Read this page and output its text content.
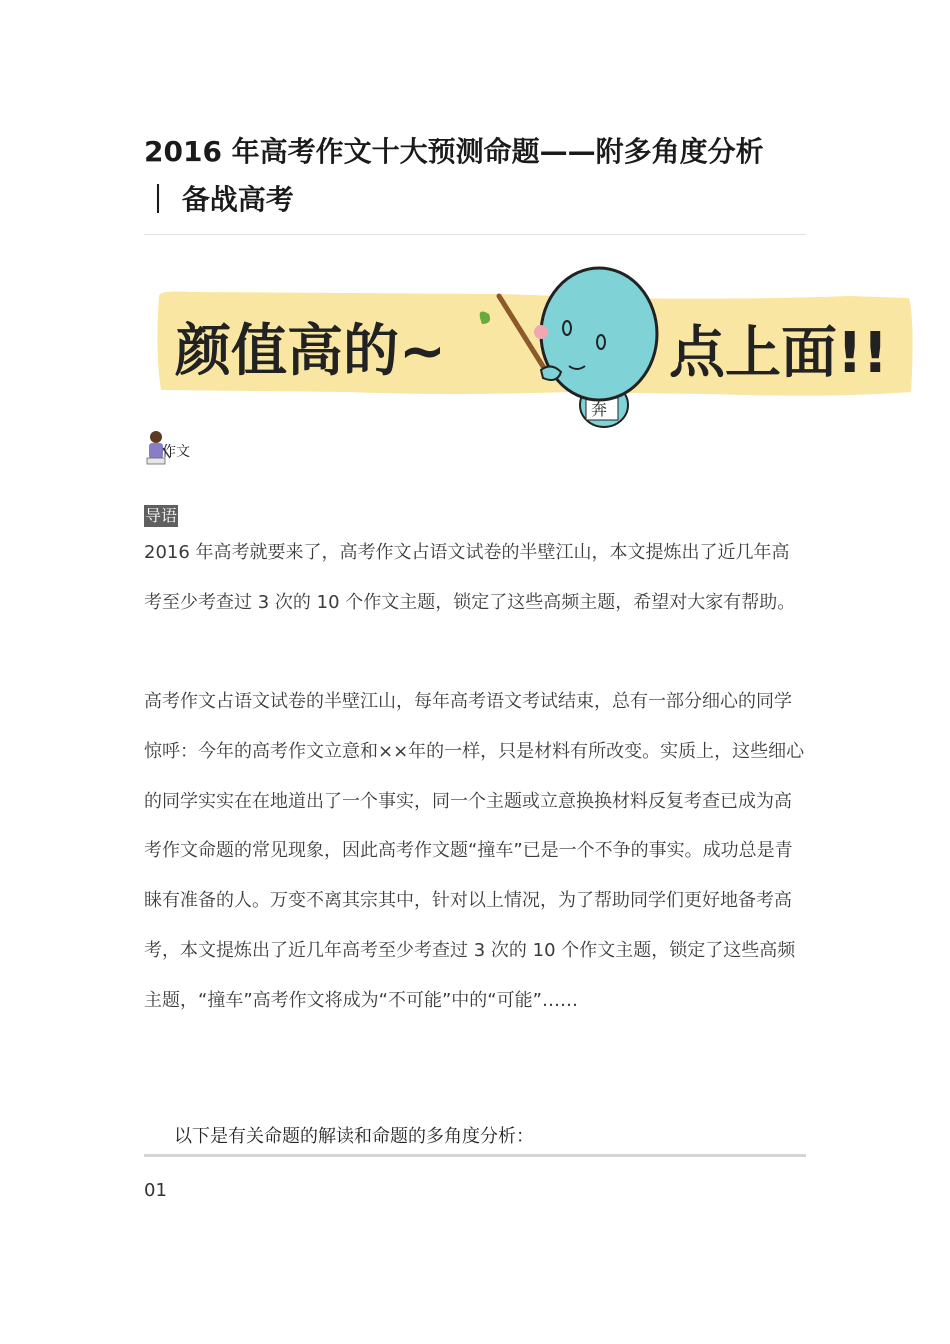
2016 年高考作文十大预测命题——附多角度分析
｜ 备战高考
颜值高的~
奔
点上面!!
作文
导语

2016 年高考就要来了，高考作文占语文试卷的半壁江山，本文提炼出了近几年高考至少考查过 3 次的 10 个作文主题，锁定了这些高频主题，希望对大家有帮助。

高考作文占语文试卷的半壁江山，每年高考语文考试结束，总有一部分细心的同学惊呼：今年的高考作文立意和××年的一样，只是材料有所改变。实质上，这些细心的同学实实在在地道出了一个事实，同一个主题或立意换换材料反复考查已成为高考作文命题的常见现象，因此高考作文题“撞车”已是一个不争的事实。成功总是青睐有准备的人。万变不离其宗其中，针对以上情况，为了帮助同学们更好地备考高考，本文提炼出了近几年高考至少考查过 3 次的 10 个作文主题，锁定了这些高频主题，“撞车”高考作文将成为“不可能”中的“可能”……

以下是有关命题的解读和命题的多角度分析：

01
